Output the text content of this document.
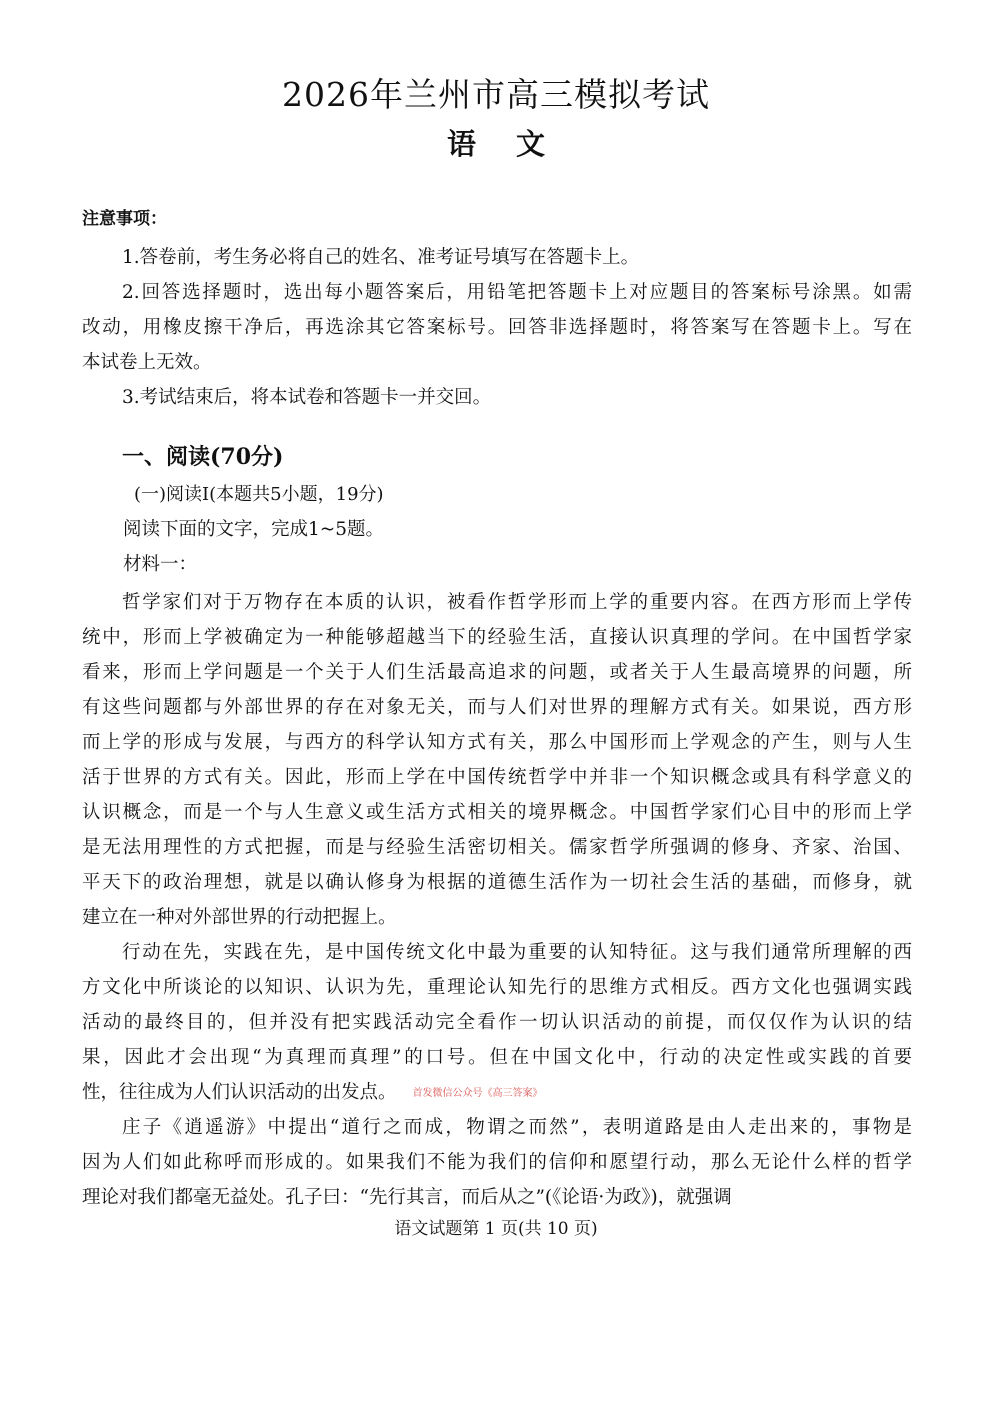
2026年兰州市高三模拟考试
语文
注意事项：
1.答卷前，考生务必将自己的姓名、准考证号填写在答题卡上。
2.回答选择题时，选出每小题答案后，用铅笔把答题卡上对应题目的答案标号涂黑。如需
改动，用橡皮擦干净后，再选涂其它答案标号。回答非选择题时，将答案写在答题卡上。写在
本试卷上无效。
3.考试结束后，将本试卷和答题卡一并交回。
一、阅读(70分)
(一)阅读Ⅰ(本题共5小题，19分)
阅读下面的文字，完成1~5题。
材料一：
哲学家们对于万物存在本质的认识，被看作哲学形而上学的重要内容。在西方形而上学传
统中，形而上学被确定为一种能够超越当下的经验生活，直接认识真理的学问。在中国哲学家
看来，形而上学问题是一个关于人们生活最高追求的问题，或者关于人生最高境界的问题，所
有这些问题都与外部世界的存在对象无关，而与人们对世界的理解方式有关。如果说，西方形
而上学的形成与发展，与西方的科学认知方式有关，那么中国形而上学观念的产生，则与人生
活于世界的方式有关。因此，形而上学在中国传统哲学中并非一个知识概念或具有科学意义的
认识概念，而是一个与人生意义或生活方式相关的境界概念。中国哲学家们心目中的形而上学
是无法用理性的方式把握，而是与经验生活密切相关。儒家哲学所强调的修身、齐家、治国、
平天下的政治理想，就是以确认修身为根据的道德生活作为一切社会生活的基础，而修身，就
建立在一种对外部世界的行动把握上。
行动在先，实践在先，是中国传统文化中最为重要的认知特征。这与我们通常所理解的西
方文化中所谈论的以知识、认识为先，重理论认知先行的思维方式相反。西方文化也强调实践
活动的最终目的，但并没有把实践活动完全看作一切认识活动的前提，而仅仅作为认识的结
果，因此才会出现“为真理而真理”的口号。但在中国文化中，行动的决定性或实践的首要
性，往往成为人们认识活动的出发点。 首发微信公众号《高三答案》
庄子《逍遥游》中提出“道行之而成，物谓之而然”，表明道路是由人走出来的，事物是
因为人们如此称呼而形成的。如果我们不能为我们的信仰和愿望行动，那么无论什么样的哲学
理论对我们都毫无益处。孔子曰：“先行其言，而后从之”(《论语·为政》)，就强调
语文试题第 1 页(共 10 页)
